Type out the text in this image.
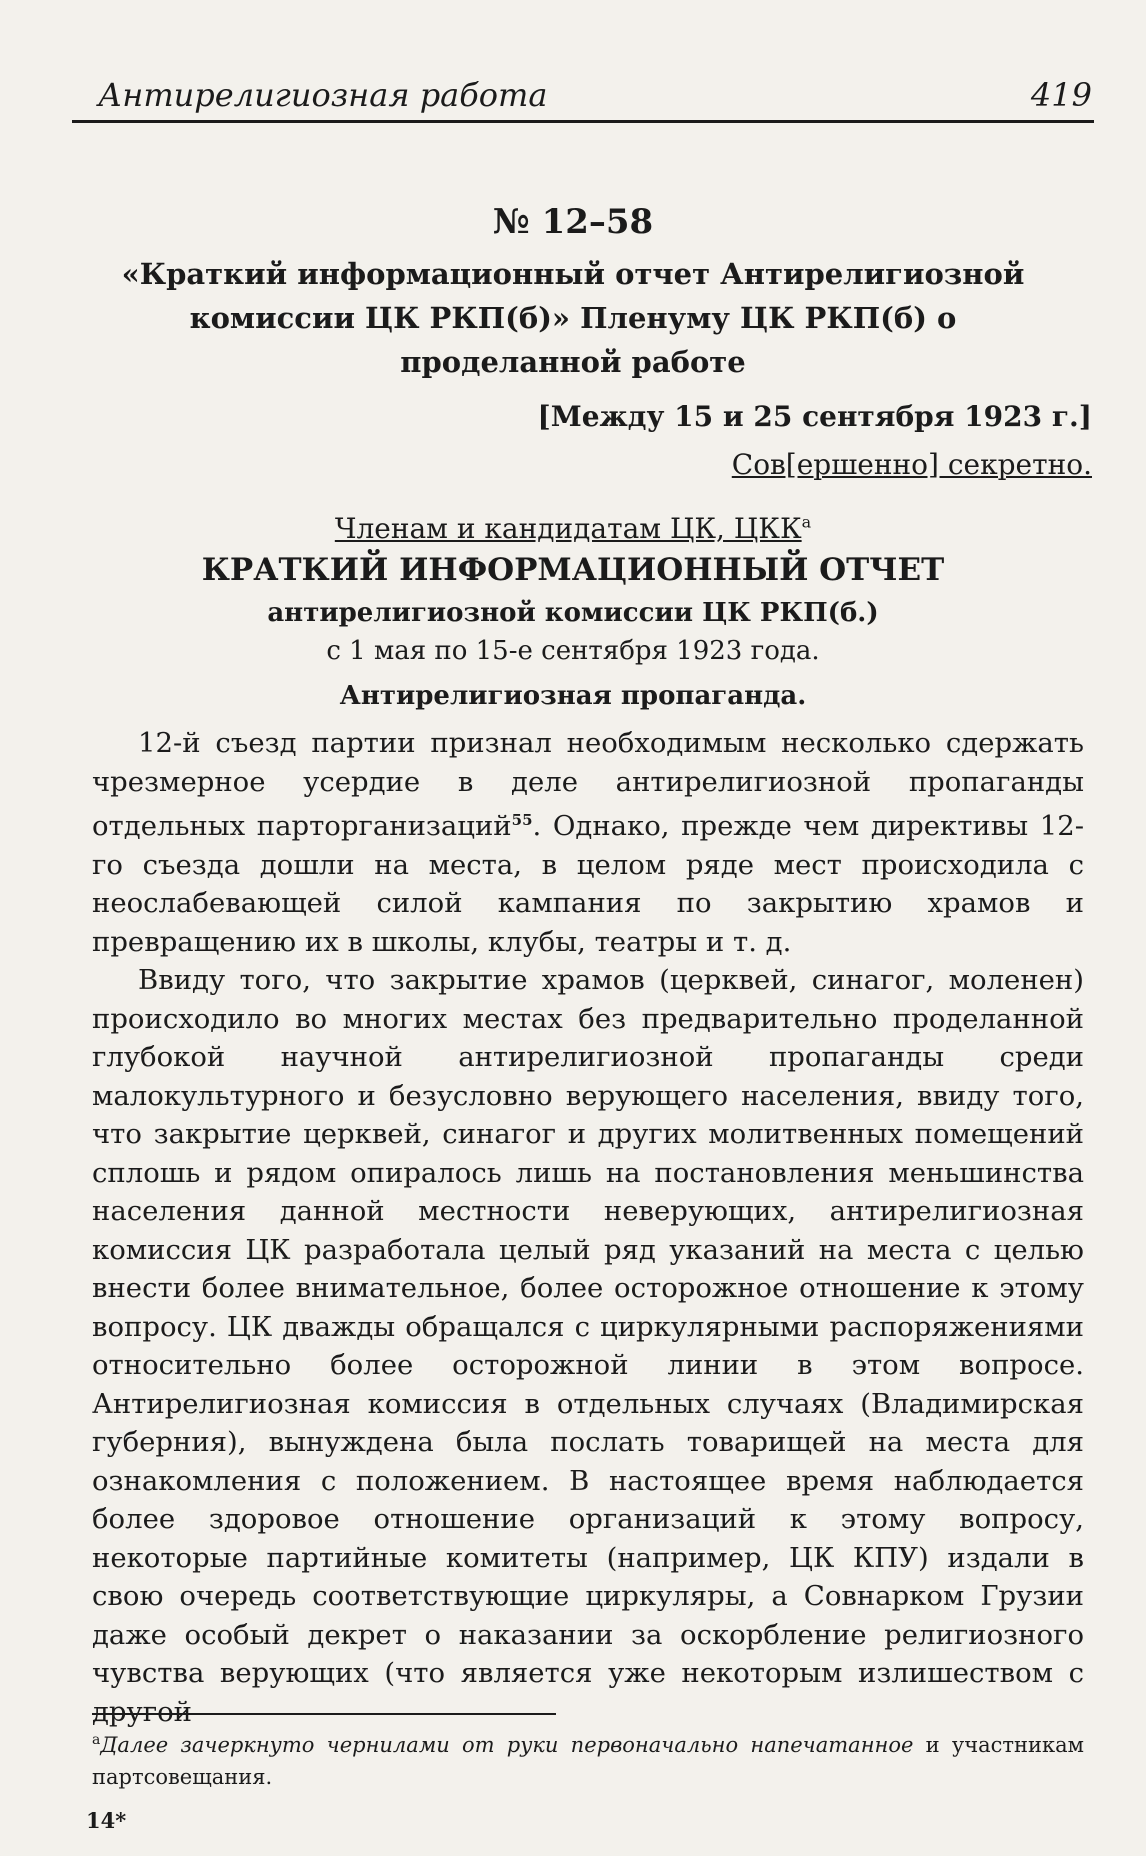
Антирелигиозная работа	419
№ 12–58
«Краткий информационный отчет Антирелигиозной комиссии ЦК РКП(б)» Пленуму ЦК РКП(б) о проделанной работе
[Между 15 и 25 сентября 1923 г.]
Сов[ершенно] секретно.
Членам и кандидатам ЦК, $ЦКК^а$
КРАТКИЙ ИНФОРМАЦИОННЫЙ ОТЧЕТ
антирелигиозной комиссии ЦК РКП(б.)
с 1 мая по 15-е сентября 1923 года.
Антирелигиозная пропаганда.

12-й съезд партии признал необходимым несколько сдержать чрезмерное усердие в деле антирелигиозной пропаганды отдельных парторганизаций$^{55}$. Однако, прежде чем директивы 12-го съезда дошли на места, в целом ряде мест происходила с неослабевающей силой кампания по закрытию храмов и превращению их в школы, клубы, театры и т. д.

Ввиду того, что закрытие храмов (церквей, синагог, моленен) происходило во многих местах без предварительно проделанной глубокой научной антирелигиозной пропаганды среди малокультурного и безусловно верующего населения, ввиду того, что закрытие церквей, синагог и других молитвенных помещений сплошь и рядом опиралось лишь на постановления меньшинства населения данной местности неверующих, антирелигиозная комиссия ЦК разработала целый ряд указаний на места с целью внести более внимательное, более осторожное отношение к этому вопросу. ЦК дважды обращался с циркулярными распоряжениями относительно более осторожной линии в этом вопросе. Антирелигиозная комиссия в отдельных случаях (Владимирская губерния), вынуждена была послать товарищей на места для ознакомления с положением. В настоящее время наблюдается более здоровое отношение организаций к этому вопросу, некоторые партийные комитеты (например, ЦК КПУ) издали в свою очередь соответствующие циркуляры, а Совнарком Грузии даже особый декрет о наказании за оскорбление религиозного чувства верующих (что является уже некоторым излишеством с другой

$^а$Далее зачеркнуто чернилами от руки первоначально напечатанное и участникам партсовещания.
14*
